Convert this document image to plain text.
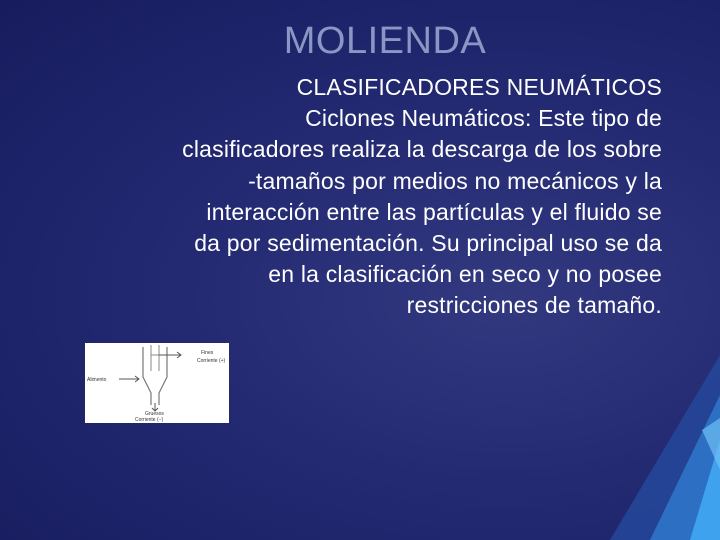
MOLIENDA
CLASIFICADORES NEUMÁTICOS
Ciclones Neumáticos: Este tipo de
clasificadores realiza la descarga de los sobre
-tamaños por medios no mecánicos y la
interacción entre las partículas y el fluido se
da por sedimentación. Su principal uso se da
en la clasificación en seco y no posee
restricciones de tamaño.
Fines
Corriente (+)
Alimento
Gruesos
Corriente (−)
